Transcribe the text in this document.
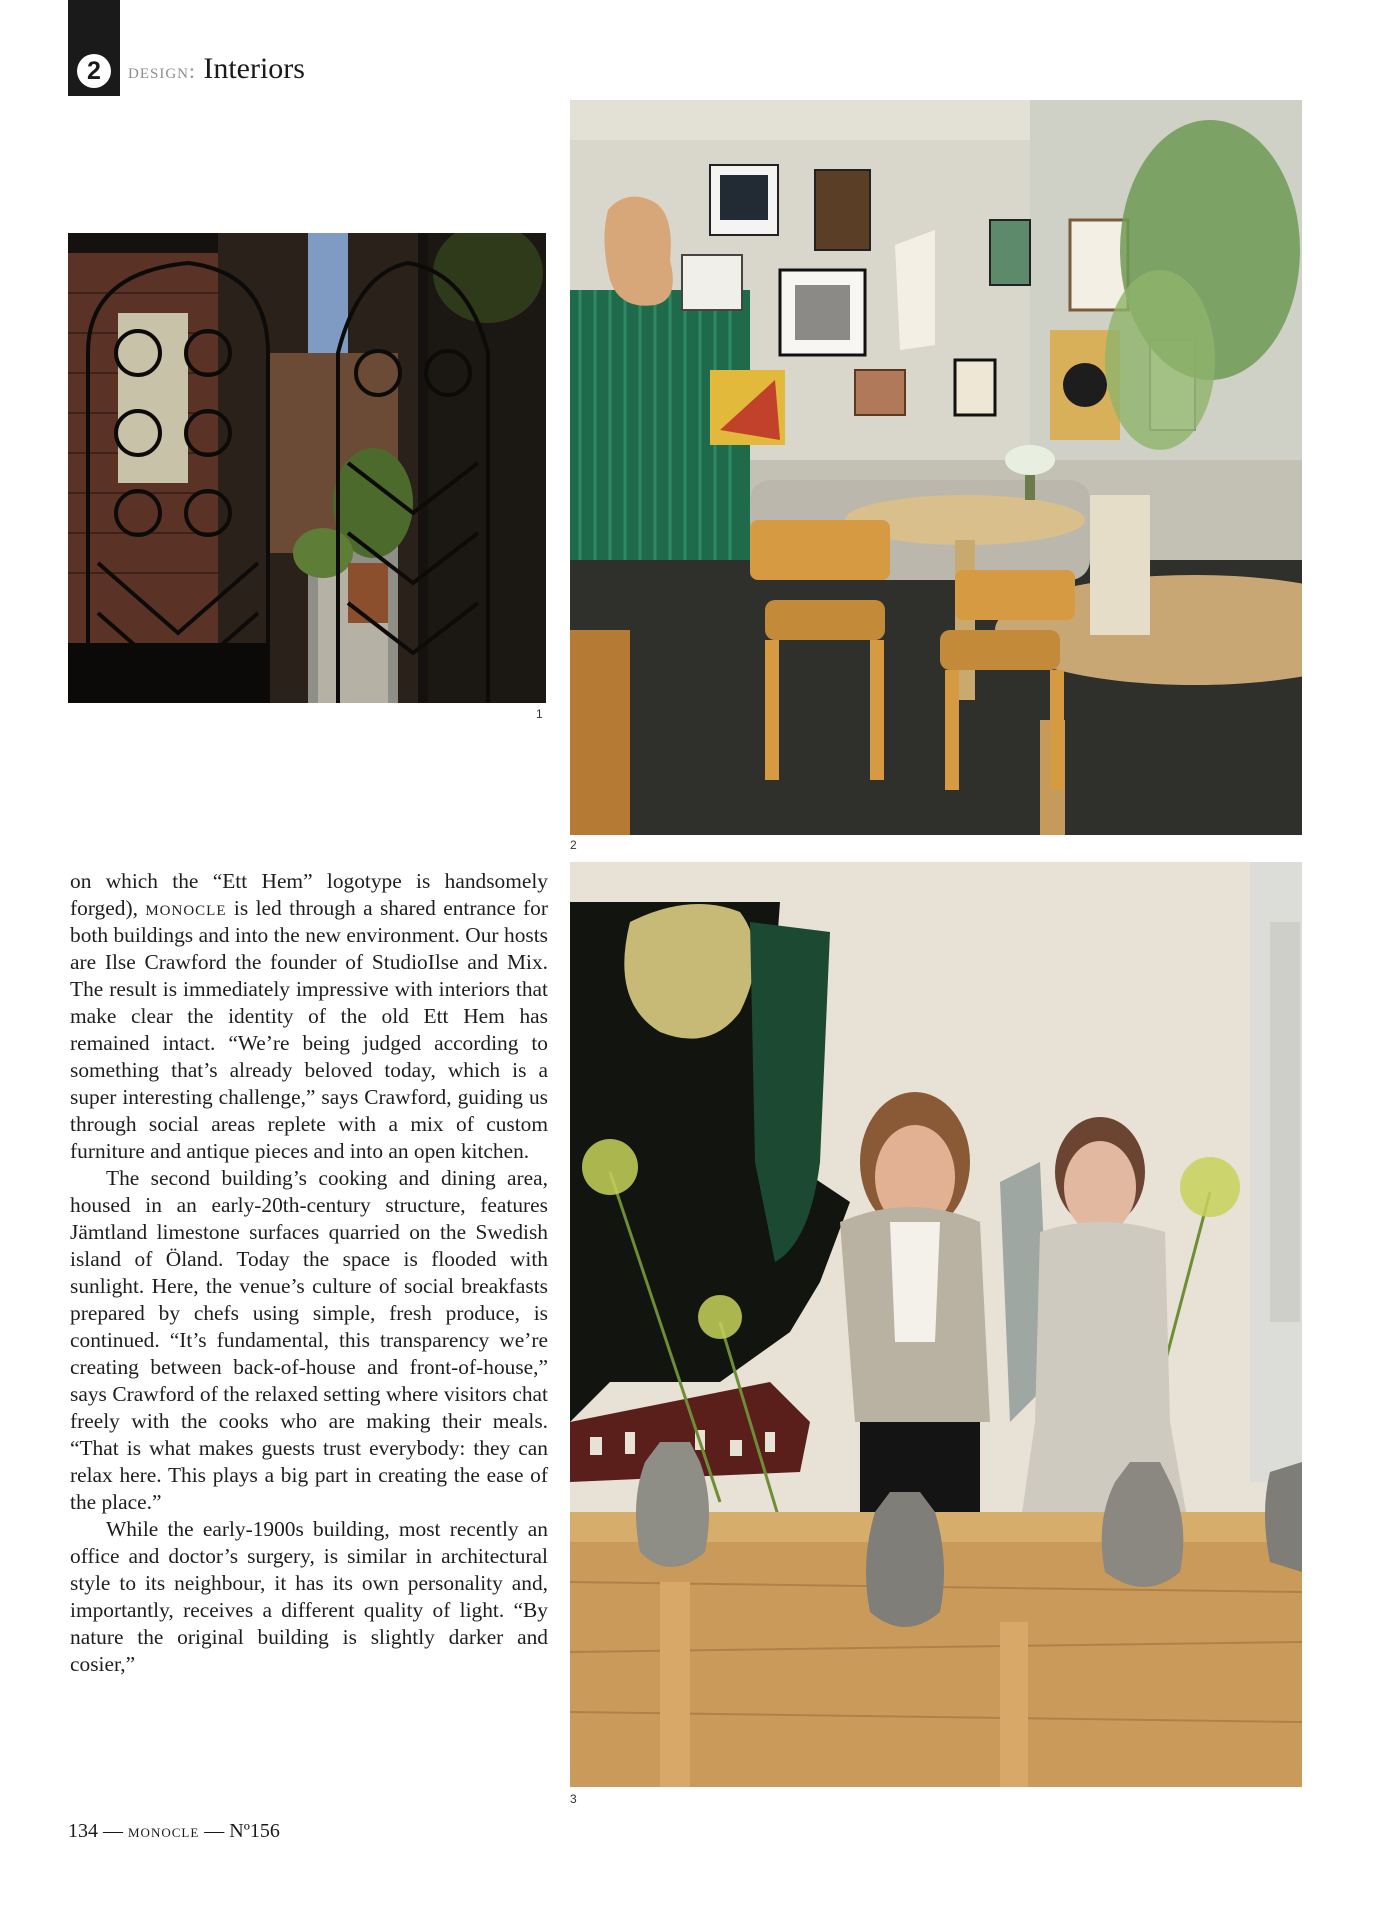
2	design: Interiors
1
2
3

on which the “Ett Hem” logotype is handsomely forged), monocle is led through a shared entrance for both buildings and into the new environment. Our hosts are Ilse Crawford the founder of StudioIlse and Mix. The result is immediately impressive with interiors that make clear the identity of the old Ett Hem has remained intact. “We’re being judged according to something that’s already beloved today, which is a super interesting challenge,” says Crawford, guiding us through social areas replete with a mix of custom furniture and antique pieces and into an open kitchen.

The second building’s cooking and dining area, housed in an early-20th-century structure, features Jämtland limestone surfaces quarried on the Swedish island of Öland. Today the space is flooded with sunlight. Here, the venue’s culture of social breakfasts prepared by chefs using simple, fresh produce, is continued. “It’s fundamental, this transparency we’re creating between back-of-house and front-of-house,” says Crawford of the relaxed setting where visitors chat freely with the cooks who are making their meals. “That is what makes guests trust everybody: they can relax here. This plays a big part in creating the ease of the place.”

While the early-1900s building, most recently an office and doctor’s surgery, is similar in architectural style to its neighbour, it has its own personality and, importantly, receives a different quality of light. “By nature the original building is slightly darker and cosier,”

134 — monocle — Nº156
